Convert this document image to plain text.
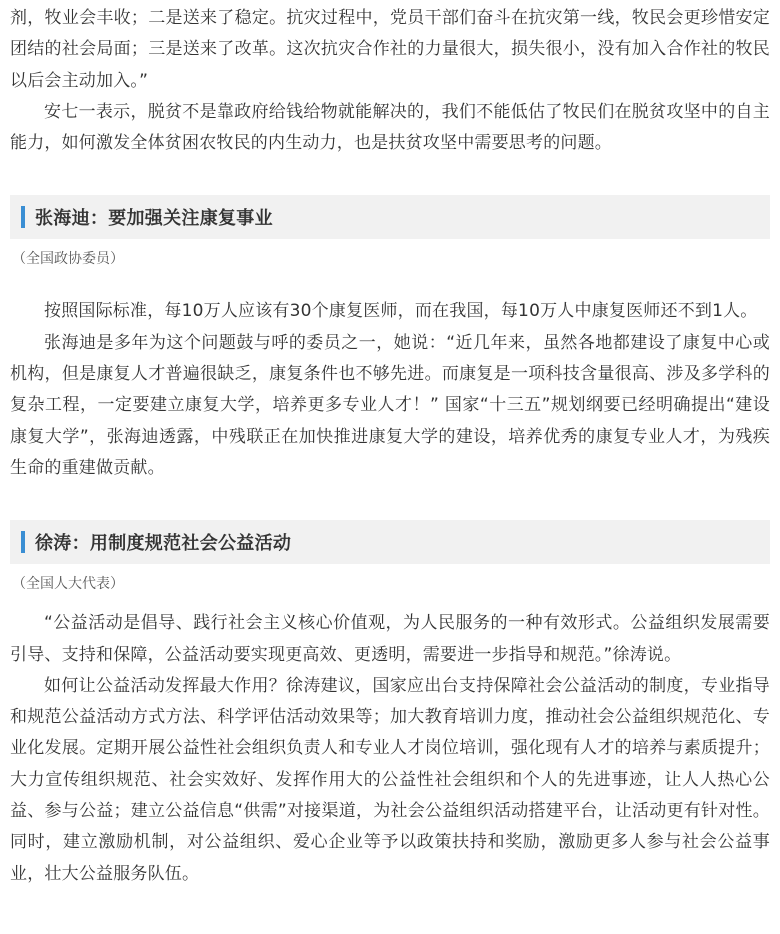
剂，牧业会丰收；二是送来了稳定。抗灾过程中，党员干部们奋斗在抗灾第一线，牧民会更珍惜安定团结的社会局面；三是送来了改革。这次抗灾合作社的力量很大，损失很小，没有加入合作社的牧民以后会主动加入。”

安七一表示，脱贫不是靠政府给钱给物就能解决的，我们不能低估了牧民们在脱贫攻坚中的自主能力，如何激发全体贫困农牧民的内生动力，也是扶贫攻坚中需要思考的问题。

张海迪：要加强关注康复事业

（全国政协委员）

按照国际标准，每10万人应该有30个康复医师，而在我国，每10万人中康复医师还不到1人。

张海迪是多年为这个问题鼓与呼的委员之一，她说：“近几年来，虽然各地都建设了康复中心或机构，但是康复人才普遍很缺乏，康复条件也不够先进。而康复是一项科技含量很高、涉及多学科的复杂工程，一定要建立康复大学，培养更多专业人才！” 国家“十三五”规划纲要已经明确提出“建设康复大学”，张海迪透露，中残联正在加快推进康复大学的建设，培养优秀的康复专业人才，为残疾生命的重建做贡献。

徐涛：用制度规范社会公益活动

（全国人大代表）

“公益活动是倡导、践行社会主义核心价值观，为人民服务的一种有效形式。公益组织发展需要引导、支持和保障，公益活动要实现更高效、更透明，需要进一步指导和规范。”徐涛说。

如何让公益活动发挥最大作用？徐涛建议，国家应出台支持保障社会公益活动的制度，专业指导和规范公益活动方式方法、科学评估活动效果等；加大教育培训力度，推动社会公益组织规范化、专业化发展。定期开展公益性社会组织负责人和专业人才岗位培训，强化现有人才的培养与素质提升；大力宣传组织规范、社会实效好、发挥作用大的公益性社会组织和个人的先进事迹，让人人热心公益、参与公益；建立公益信息“供需”对接渠道，为社会公益组织活动搭建平台，让活动更有针对性。同时，建立激励机制，对公益组织、爱心企业等予以政策扶持和奖励，激励更多人参与社会公益事业，壮大公益服务队伍。
